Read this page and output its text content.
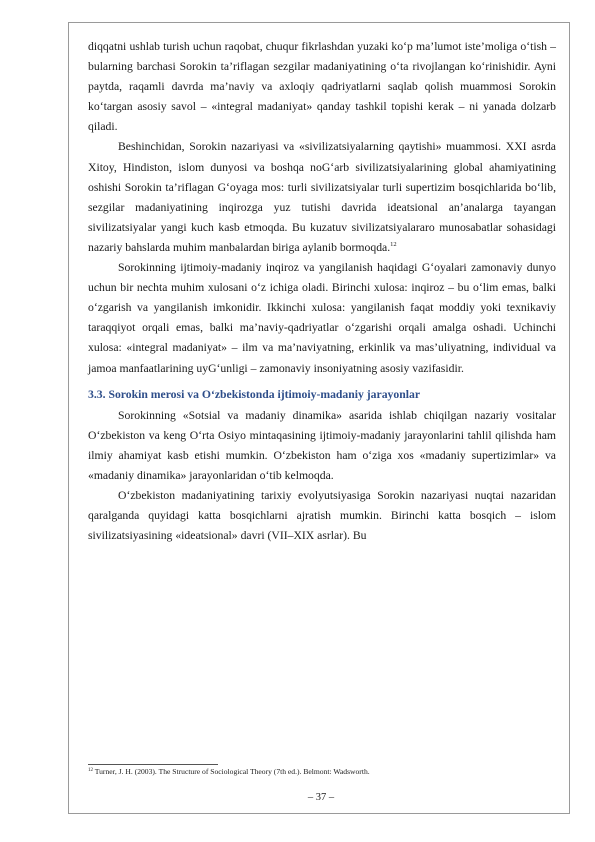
diqqatni ushlab turish uchun raqobat, chuqur fikrlashdan yuzaki ko‘p ma’lumot iste’moliga o‘tish – bularning barchasi Sorokin ta’riflagan sezgilar madaniyatining o‘ta rivojlangan ko‘rinishidir. Ayni paytda, raqamli davrda ma’naviy va axloqiy qadriyatlarni saqlab qolish muammosi Sorokin ko‘targan asosiy savol – «integral madaniyat» qanday tashkil topishi kerak – ni yanada dolzarb qiladi.

Beshinchidan, Sorokin nazariyasi va «sivilizatsiyalarning qaytishi» muammosi. XXI asrda Xitoy, Hindiston, islom dunyosi va boshqa noG‘arb sivilizatsiyalarining global ahamiyatining oshishi Sorokin ta’riflagan G‘oyaga mos: turli sivilizatsiyalar turli supertizim bosqichlarida bo‘lib, sezgilar madaniyatining inqirozga yuz tutishi davrida ideatsional an’analarga tayangan sivilizatsiyalar yangi kuch kasb etmoqda. Bu kuzatuv sivilizatsiyalararo munosabatlar sohasidagi nazariy bahslarda muhim manbalardan biriga aylanib bormoqda.$^{12}$

Sorokinning ijtimoiy-madaniy inqiroz va yangilanish haqidagi G‘oyalari zamonaviy dunyo uchun bir nechta muhim xulosani o‘z ichiga oladi. Birinchi xulosa: inqiroz – bu o‘lim emas, balki o‘zgarish va yangilanish imkonidir. Ikkinchi xulosa: yangilanish faqat moddiy yoki texnikaviy taraqqiyot orqali emas, balki ma’naviy-qadriyatlar o‘zgarishi orqali amalga oshadi. Uchinchi xulosa: «integral madaniyat» – ilm va ma’naviyatning, erkinlik va mas’uliyatning, individual va jamoa manfaatlarining uyG‘unligi – zamonaviy insoniyatning asosiy vazifasidir.

3.3. Sorokin merosi va O‘zbekistonda ijtimoiy-madaniy jarayonlar

Sorokinning «Sotsial va madaniy dinamika» asarida ishlab chiqilgan nazariy vositalar O‘zbekiston va keng O‘rta Osiyo mintaqasining ijtimoiy-madaniy jarayonlarini tahlil qilishda ham ilmiy ahamiyat kasb etishi mumkin. O‘zbekiston ham o‘ziga xos «madaniy supertizimlar» va «madaniy dinamika» jarayonlaridan o‘tib kelmoqda.

O‘zbekiston madaniyatining tarixiy evolyutsiyasiga Sorokin nazariyasi nuqtai nazaridan qaralganda quyidagi katta bosqichlarni ajratish mumkin. Birinchi katta bosqich – islom sivilizatsiyasining «ideatsional» davri (VII–XIX asrlar). Bu

$^{12}$ Turner, J. H. (2003). The Structure of Sociological Theory (7th ed.). Belmont: Wadsworth.
– 37 –
